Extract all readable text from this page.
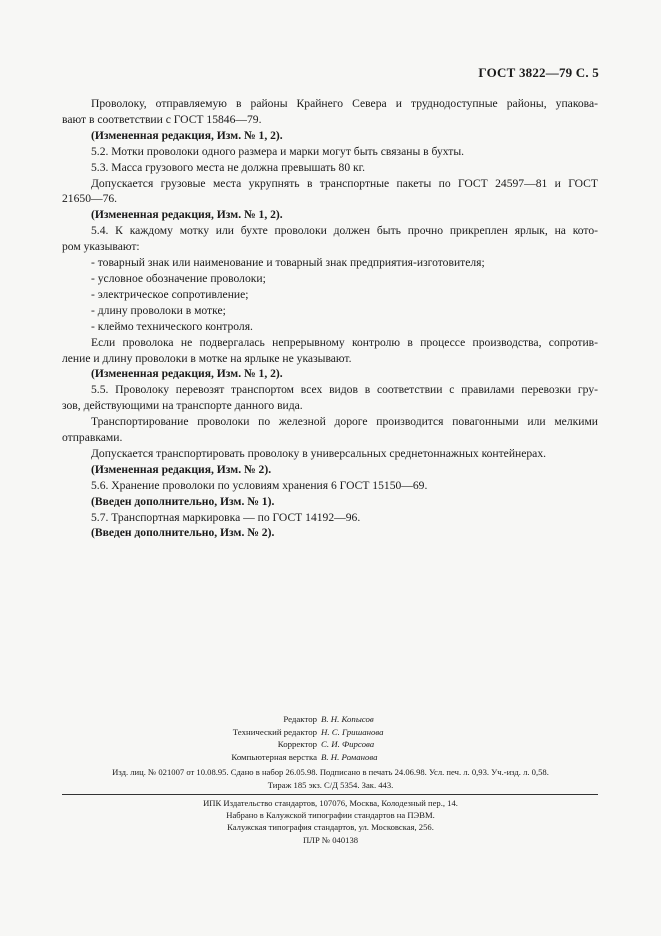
ГОСТ 3822—79 С. 5
Проволоку, отправляемую в районы Крайнего Севера и труднодоступные районы, упакова-
вают в соответствии с ГОСТ 15846—79.
(Измененная редакция, Изм. № 1, 2).
5.2. Мотки проволоки одного размера и марки могут быть связаны в бухты.
5.3. Масса грузового места не должна превышать 80 кг.
Допускается грузовые места укрупнять в транспортные пакеты по ГОСТ 24597—81 и ГОСТ
21650—76.
(Измененная редакция, Изм. № 1, 2).
5.4. К каждому мотку или бухте проволоки должен быть прочно прикреплен ярлык, на кото-
ром указывают:
- товарный знак или наименование и товарный знак предприятия-изготовителя;
- условное обозначение проволоки;
- электрическое сопротивление;
- длину проволоки в мотке;
- клеймо технического контроля.
Если проволока не подвергалась непрерывному контролю в процессе производства, сопротив-
ление и длину проволоки в мотке на ярлыке не указывают.
(Измененная редакция, Изм. № 1, 2).
5.5. Проволоку перевозят транспортом всех видов в соответствии с правилами перевозки гру-
зов, действующими на транспорте данного вида.
Транспортирование проволоки по железной дороге производится повагонными или мелкими
отправками.
Допускается транспортировать проволоку в универсальных среднетоннажных контейнерах.
(Измененная редакция, Изм. № 2).
5.6. Хранение проволоки по условиям хранения 6 ГОСТ 15150—69.
(Введен дополнительно, Изм. № 1).
5.7. Транспортная маркировка — по ГОСТ 14192—96.
(Введен дополнительно, Изм. № 2).
Редактор В. Н. Копысов
Технический редактор Н. С. Гришанова
Корректор С. И. Фирсова
Компьютерная верстка В. Н. Романова
Изд. лиц. № 021007 от 10.08.95. Сдано в набор 26.05.98. Подписано в печать 24.06.98. Усл. печ. л. 0,93. Уч.-изд. л. 0,58.
Тираж 185 экз. С/Д 5354. Зак. 443.
ИПК Издательство стандартов, 107076, Москва, Колодезный пер., 14.
Набрано в Калужской типографии стандартов на ПЭВМ.
Калужская типография стандартов, ул. Московская, 256.
ПЛР № 040138
